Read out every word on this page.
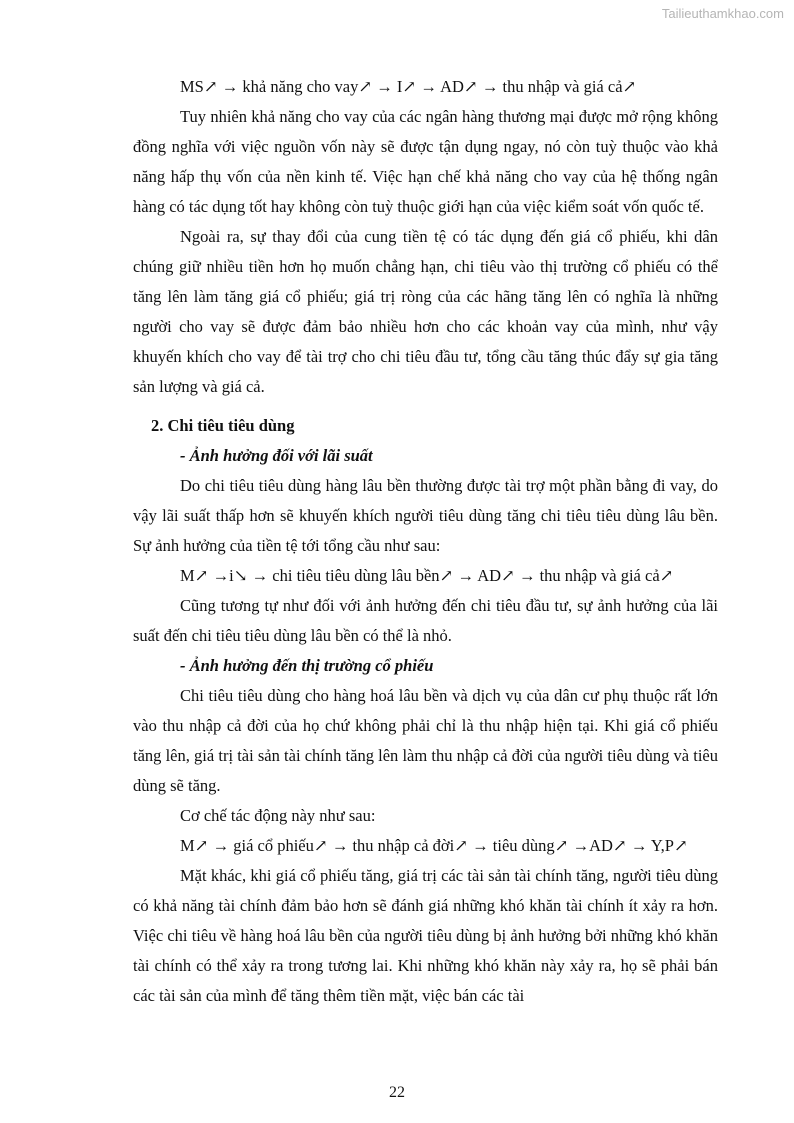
Tailieuthamkhao.com

MS↗ → khả năng cho vay↗ → I↗ → AD↗ → thu nhập và giá cả↗

Tuy nhiên khả năng cho vay của các ngân hàng thương mại được mở rộng không đồng nghĩa với việc nguồn vốn này sẽ được tận dụng ngay, nó còn tuỳ thuộc vào khả năng hấp thụ vốn của nền kinh tế. Việc hạn chế khả năng cho vay của hệ thống ngân hàng có tác dụng tốt hay không còn tuỳ thuộc giới hạn của việc kiểm soát vốn quốc tế.

Ngoài ra, sự thay đổi của cung tiền tệ có tác dụng đến giá cổ phiếu, khi dân chúng giữ nhiều tiền hơn họ muốn chẳng hạn, chi tiêu vào thị trường cổ phiếu có thể tăng lên làm tăng giá cổ phiếu; giá trị ròng của các hãng tăng lên có nghĩa là những người cho vay sẽ được đảm bảo nhiều hơn cho các khoản vay của mình, như vậy khuyến khích cho vay để tài trợ cho chi tiêu đầu tư, tổng cầu tăng thúc đẩy sự gia tăng sản lượng và giá cả.

2. Chi tiêu tiêu dùng

- Ảnh hưởng đối với lãi suất

Do chi tiêu tiêu dùng hàng lâu bền thường được tài trợ một phần bằng đi vay, do vậy lãi suất thấp hơn sẽ khuyến khích người tiêu dùng tăng chi tiêu tiêu dùng lâu bền. Sự ảnh hưởng của tiền tệ tới tổng cầu như sau:

M↗ →i↘ → chi tiêu tiêu dùng lâu bền↗ → AD↗ → thu nhập và giá cả↗

Cũng tương tự như đối với ảnh hưởng đến chi tiêu đầu tư, sự ảnh hưởng của lãi suất đến chi tiêu tiêu dùng lâu bền có thể là nhỏ.

- Ảnh hưởng đến thị trường cổ phiếu

Chi tiêu tiêu dùng cho hàng hoá lâu bền và dịch vụ của dân cư phụ thuộc rất lớn vào thu nhập cả đời của họ chứ không phải chỉ là thu nhập hiện tại. Khi giá cổ phiếu tăng lên, giá trị tài sản tài chính tăng lên làm thu nhập cả đời của người tiêu dùng và tiêu dùng sẽ tăng.

Cơ chế tác động này như sau:

M↗ → giá cổ phiếu↗ → thu nhập cả đời↗ → tiêu dùng↗ →AD↗ → Y,P↗

Mặt khác, khi giá cổ phiếu tăng, giá trị các tài sản tài chính tăng, người tiêu dùng có khả năng tài chính đảm bảo hơn sẽ đánh giá những khó khăn tài chính ít xảy ra hơn. Việc chi tiêu về hàng hoá lâu bền của người tiêu dùng bị ảnh hưởng bởi những khó khăn tài chính có thể xảy ra trong tương lai. Khi những khó khăn này xảy ra, họ sẽ phải bán các tài sản của mình để tăng thêm tiền mặt, việc bán các tài

22
